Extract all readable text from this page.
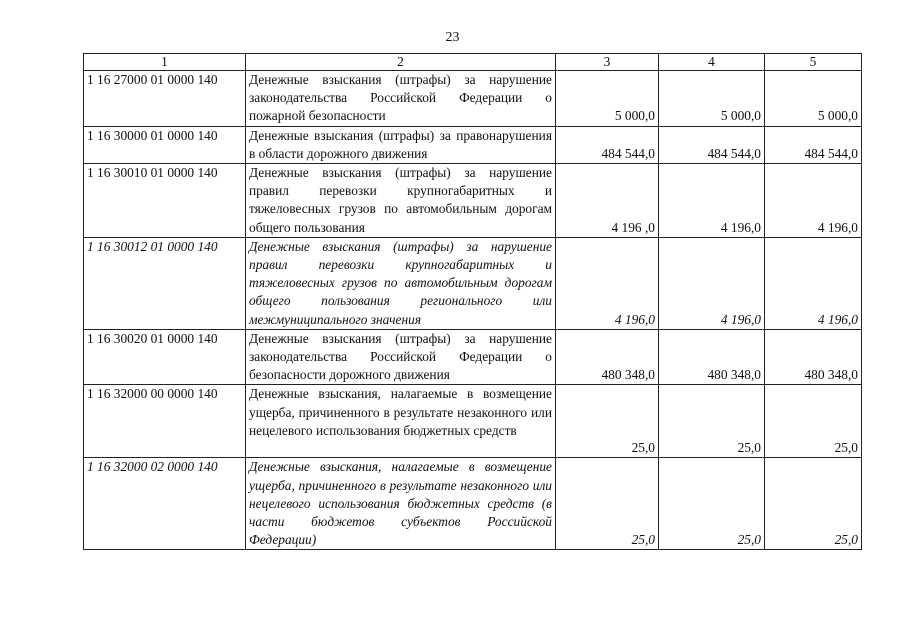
23
1	2	3	4	5
1 16 27000 01 0000 140	Денежные взыскания (штрафы) за нарушение законодательства Российской Федерации о пожарной безопасности	5 000,0	5 000,0	5 000,0
1 16 30000 01 0000 140	Денежные взыскания (штрафы) за правонарушения в области дорожного движения	484 544,0	484 544,0	484 544,0
1 16 30010 01 0000 140	Денежные взыскания (штрафы) за нарушение правил перевозки крупногабаритных и тяжеловесных грузов по автомобильным дорогам общего пользования	4 196 ,0	4 196,0	4 196,0
1 16 30012 01 0000 140	Денежные взыскания (штрафы) за нарушение правил перевозки крупногабаритных и тяжеловесных грузов по автомобильным дорогам общего пользования регионального или межмуниципального значения	4 196,0	4 196,0	4 196,0
1 16 30020 01 0000 140	Денежные взыскания (штрафы) за нарушение законодательства Российской Федерации о безопасности дорожного движения	480 348,0	480 348,0	480 348,0
1 16 32000 00 0000 140	Денежные взыскания, налагаемые в возмещение ущерба, причиненного в результате незаконного или нецелевого использования бюджетных средств	25,0	25,0	25,0
1 16 32000 02 0000 140	Денежные взыскания, налагаемые в возмещение ущерба, причиненного в результате незаконного или нецелевого использования бюджетных средств (в части бюджетов субъектов Российской Федерации)	25,0	25,0	25,0
